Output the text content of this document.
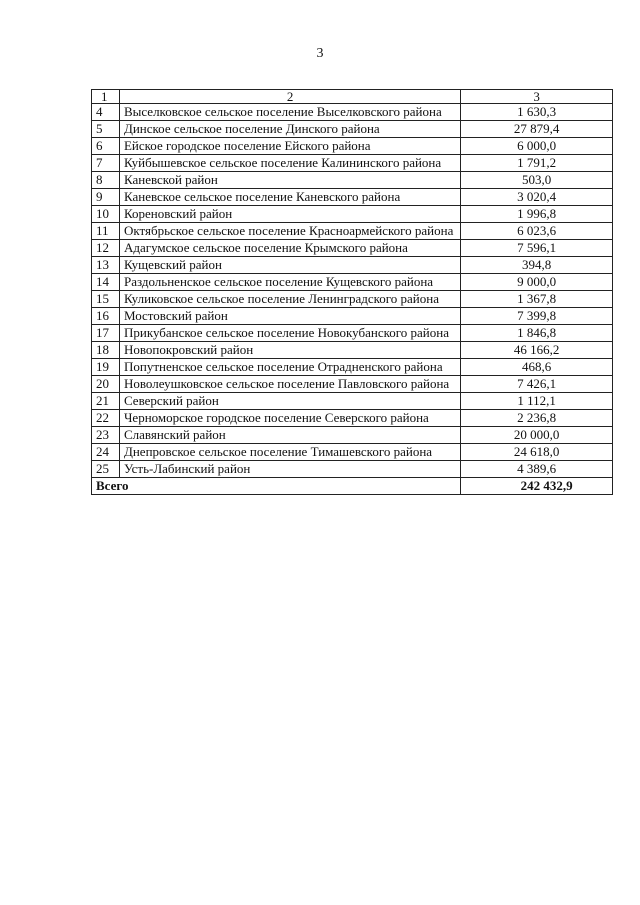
3
1	2	3
4	Выселковское сельское поселение Выселковского района	1 630,3
5	Динское сельское поселение Динского района	27 879,4
6	Ейское городское поселение Ейского района	6 000,0
7	Куйбышевское сельское поселение Калининского района	1 791,2
8	Каневской район	503,0
9	Каневское сельское поселение Каневского района	3 020,4
10	Кореновский район	1 996,8
11	Октябрьское сельское поселение Красноармейского района	6 023,6
12	Адагумское сельское поселение Крымского района	7 596,1
13	Кущевский район	394,8
14	Раздольненское сельское поселение Кущевского района	9 000,0
15	Куликовское сельское поселение Ленинградского района	1 367,8
16	Мостовский район	7 399,8
17	Прикубанское сельское поселение Новокубанского района	1 846,8
18	Новопокровский район	46 166,2
19	Попутненское сельское поселение Отрадненского района	468,6
20	Новолеушковское сельское поселение Павловского района	7 426,1
21	Северский район	1 112,1
22	Черноморское городское поселение Северского района	2 236,8
23	Славянский район	20 000,0
24	Днепровское сельское поселение Тимашевского района	24 618,0
25	Усть-Лабинский район	4 389,6
Всего		242 432,9
